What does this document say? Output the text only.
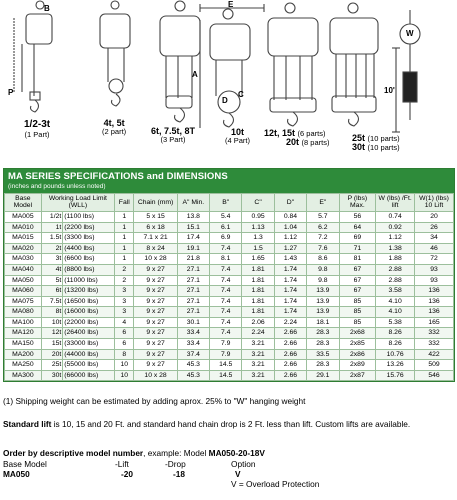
1/2-3t
(1 Part)
4t, 5t
(2 part)	6t, 7.5t, 8T
(3 Part)
10t
(4 Part)
12t, 15t (6 parts)
20t (8 parts)	25t (10 parts)
30t (10 parts)
E
A
B
C
D
P
W
10'
MA SERIES SPECIFICATIONS and DIMENSIONS
(inches and pounds unless noted)
Base Model	Working Load Limit (WLL)		Fall	Chain (mm)	A" Min.	B"	C"	D"	E"	P (lbs) Max.	W (lbs) /Ft. lift	W(1) (lbs) 10 Lift
MA005	1/2t	(1100 lbs)	1	5 x 15	13.8	5.4	0.95	0.84	5.7	56	0.74	20
MA010	1t	(2200 lbs)	1	6 x 18	15.1	6.1	1.13	1.04	6.2	64	0.92	26
MA015	1.5t	(3300 lbs)	1	7.1 x 21	17.4	6.9	1.3	1.12	7.2	69	1.12	34
MA020	2t	(4400 lbs)	1	8 x 24	19.1	7.4	1.5	1.27	7.6	71	1.38	46
MA030	3t	(6600 lbs)	1	10 x 28	21.8	8.1	1.65	1.43	8.6	81	1.88	72
MA040	4t	(8800 lbs)	2	9 x 27	27.1	7.4	1.81	1.74	9.8	67	2.88	93
MA050	5t	(11000 lbs)	2	9 x 27	27.1	7.4	1.81	1.74	9.8	67	2.88	93
MA060	6t	(13200 lbs)	3	9 x 27	27.1	7.4	1.81	1.74	13.9	67	3.58	136
MA075	7.5t	(16500 lbs)	3	9 x 27	27.1	7.4	1.81	1.74	13.9	85	4.10	136
MA080	8t	(16000 lbs)	3	9 x 27	27.1	7.4	1.81	1.74	13.9	85	4.10	136
MA100	10t	(22000 lbs)	4	9 x 27	30.1	7.4	2.06	2.24	18.1	85	5.38	165
MA120	12t	(26400 lbs)	6	9 x 27	33.4	7.4	2.24	2.66	28.3	2x68	8.26	332
MA150	15t	(33000 lbs)	6	9 x 27	33.4	7.9	3.21	2.66	28.3	2x85	8.26	332
MA200	20t	(44000 lbs)	8	9 x 27	37.4	7.9	3.21	2.66	33.5	2x86	10.76	422
MA250	25t	(55000 lbs)	10	9 x 27	45.3	14.5	3.21	2.66	28.3	2x89	13.26	509
MA300	30t	(66000 lbs)	10	10 x 28	45.3	14.5	3.21	2.66	29.1	2x87	15.76	546
(1) Shipping weight can be estimated by adding aprox. 25% to "W" hanging weight
Standard lift is 10, 15 and 20 Ft. and standard hand chain drop is 2 Ft. less than lift. Custom lifts are available.
Order by descriptive model number, example: Model MA050-20-18V
Base Model	-Lift	-Drop	Option
MA050	-20	-18	V
V = Overload Protection
